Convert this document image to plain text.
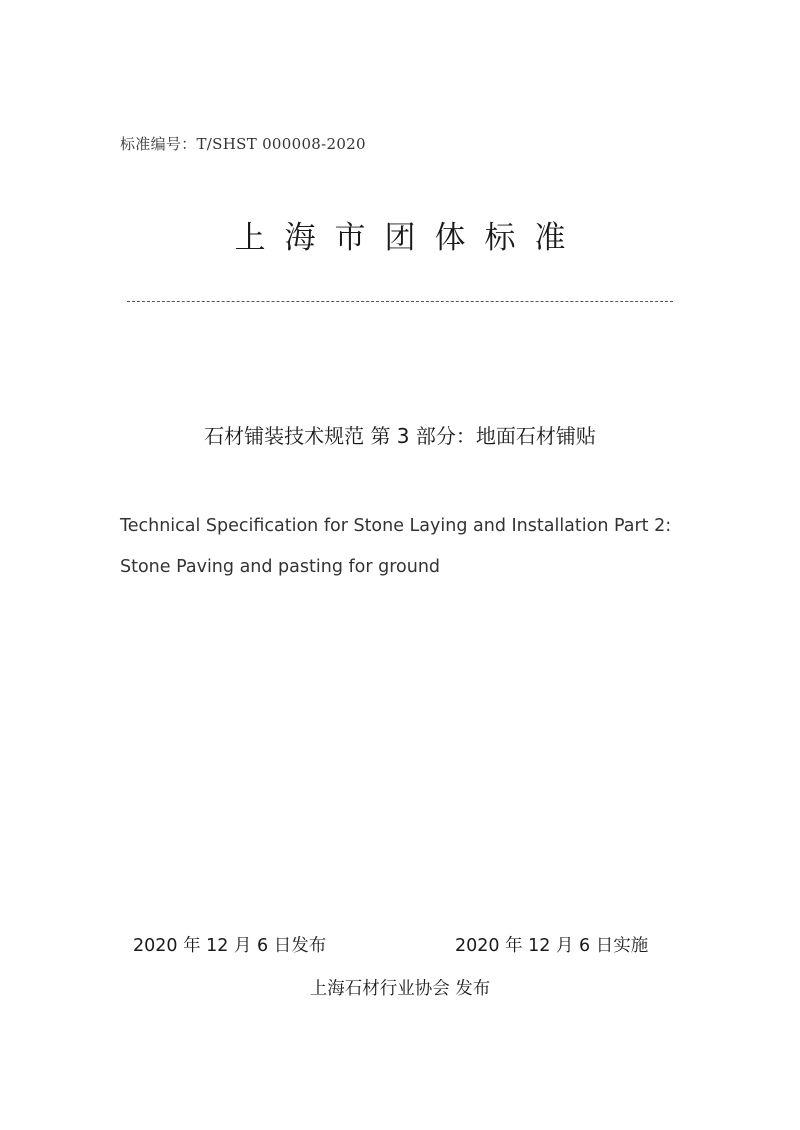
标准编号：T/SHST 000008-2020
上海市团体标准
石材铺装技术规范 第 3 部分：地面石材铺贴
Technical Specification for Stone Laying and Installation Part 2:
Stone Paving and pasting for ground
2020 年 12 月 6 日发布	2020 年 12 月 6 日实施
上海石材行业协会 发布
